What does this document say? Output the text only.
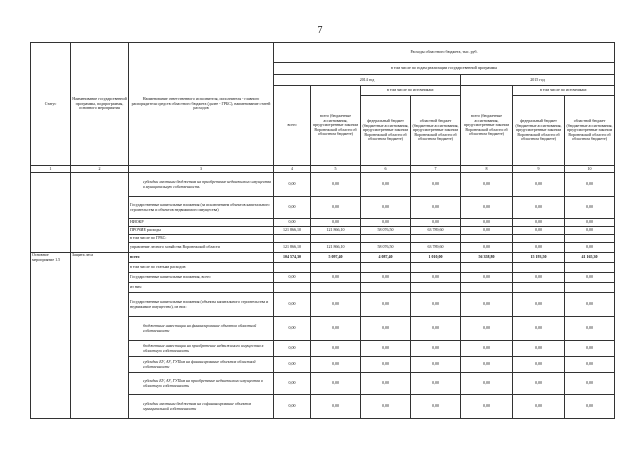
7
Статус	Наименование государственной программы, подпрограммы, основного мероприятия	Наименование ответственного исполнителя, исполнителя - главного распорядителя средств областного бюджета (далее - ГРБС), наименование статей расходов	Расходы областного бюджета, тыс. руб.						
			в том числе по годам реализации государственной программы						
			2014 год				2015 год		
			всего	всего (бюджетные ассигнования, предусмотренные законом Воронежской области об областном бюджете)	в том числе по источникам:		всего (бюджетные ассигнования, предусмотренные законом Воронежской области об областном бюджете)	в том числе по источникам:	
					федеральный бюджет (бюджетные ассигнования, предусмотренные законом Воронежской области об областном бюджете)	областной бюджет (бюджетные ассигнования, предусмотренные законом Воронежской области об областном бюджете)		федеральный бюджет (бюджетные ассигнования, предусмотренные законом Воронежской области об областном бюджете)	областной бюджет (бюджетные ассигнования, предусмотренные законом Воронежской области об областном бюджете)
1	2	3	4	5	6	7	8	9	10
		субсидии местным бюджетам на приобретение недвижимого имущества в муниципальную собственность	0,00	0,00	0,00	0,00	0,00	0,00	0,00
		Государственные капитальные вложения (за исключением объектов капитального строительства и объектов недвижимого имущества)	0,00	0,00	0,00	0,00	0,00	0,00	0,00
		НИОКР	0,00	0,00	0,00	0,00	0,00	0,00	0,00
		ПРОЧИЕ расходы	121 866,10	121 866,10	58 076,50	63 789,60	0,00	0,00	0,00
		в том числе по ГРБС:							
		управление лесного хозяйства Воронежской области	121 866,10	121 866,10	58 076,50	63 789,60	0,00	0,00	0,00
Основное мероприятие 1.5	Защита леса	всего	104 574,30	5 097,40	4 087,40	1 010,00	56 358,80	15 193,50	41 165,30
		в том числе по статьям расходов:							
		Государственные капитальные вложения, всего	0,00	0,00	0,00	0,00	0,00	0,00	0,00
		из них:							
		Государственные капитальные вложения (объекты капитального строительства и недвижимое имущество), из них:	0,00	0,00	0,00	0,00	0,00	0,00	0,00
		бюджетные инвестиции на финансирование объектов областной собственности	0,00	0,00	0,00	0,00	0,00	0,00	0,00
		бюджетные инвестиции на приобретение недвижимого имущества в областную собственность	0,00	0,00	0,00	0,00	0,00	0,00	0,00
		субсидии БУ, АУ, ГУПам на финансирование объектов областной собственности	0,00	0,00	0,00	0,00	0,00	0,00	0,00
		субсидии БУ, АУ, ГУПам на приобретение недвижимого имущества в областную собственность	0,00	0,00	0,00	0,00	0,00	0,00	0,00
		субсидии местным бюджетам на софинансирование объектов муниципальной собственности	0,00	0,00	0,00	0,00	0,00	0,00	0,00
